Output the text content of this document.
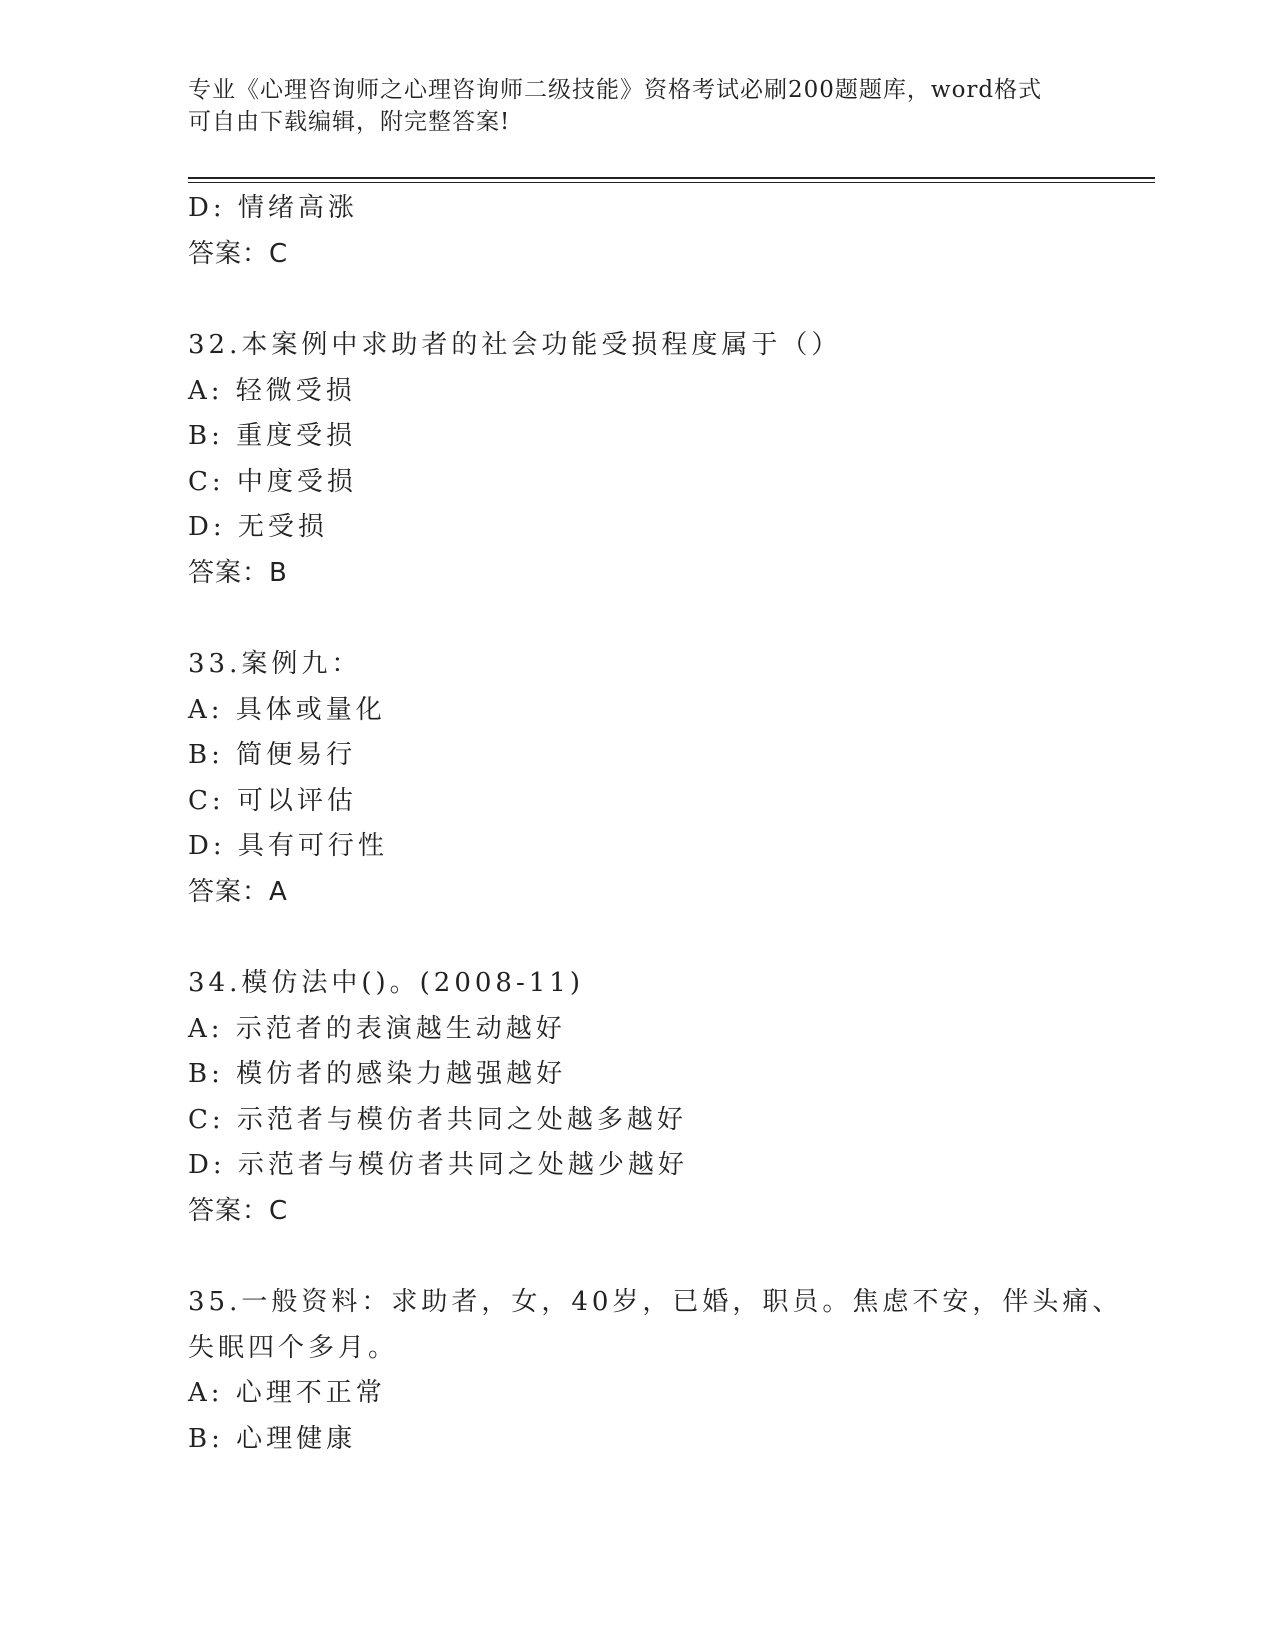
专业《心理咨询师之心理咨询师二级技能》资格考试必刷200题题库，word格式
可自由下载编辑，附完整答案!
D: 情绪高涨
答案：C
32.本案例中求助者的社会功能受损程度属于（）
A: 轻微受损
B: 重度受损
C: 中度受损
D: 无受损
答案：B
33.案例九：
A: 具体或量化
B: 简便易行
C: 可以评估
D: 具有可行性
答案：A
34.模仿法中()。(2008-11)
A: 示范者的表演越生动越好
B: 模仿者的感染力越强越好
C: 示范者与模仿者共同之处越多越好
D: 示范者与模仿者共同之处越少越好
答案：C
35.一般资料：求助者，女，40岁，已婚，职员。焦虑不安，伴头痛、
失眠四个多月。
A: 心理不正常
B: 心理健康
